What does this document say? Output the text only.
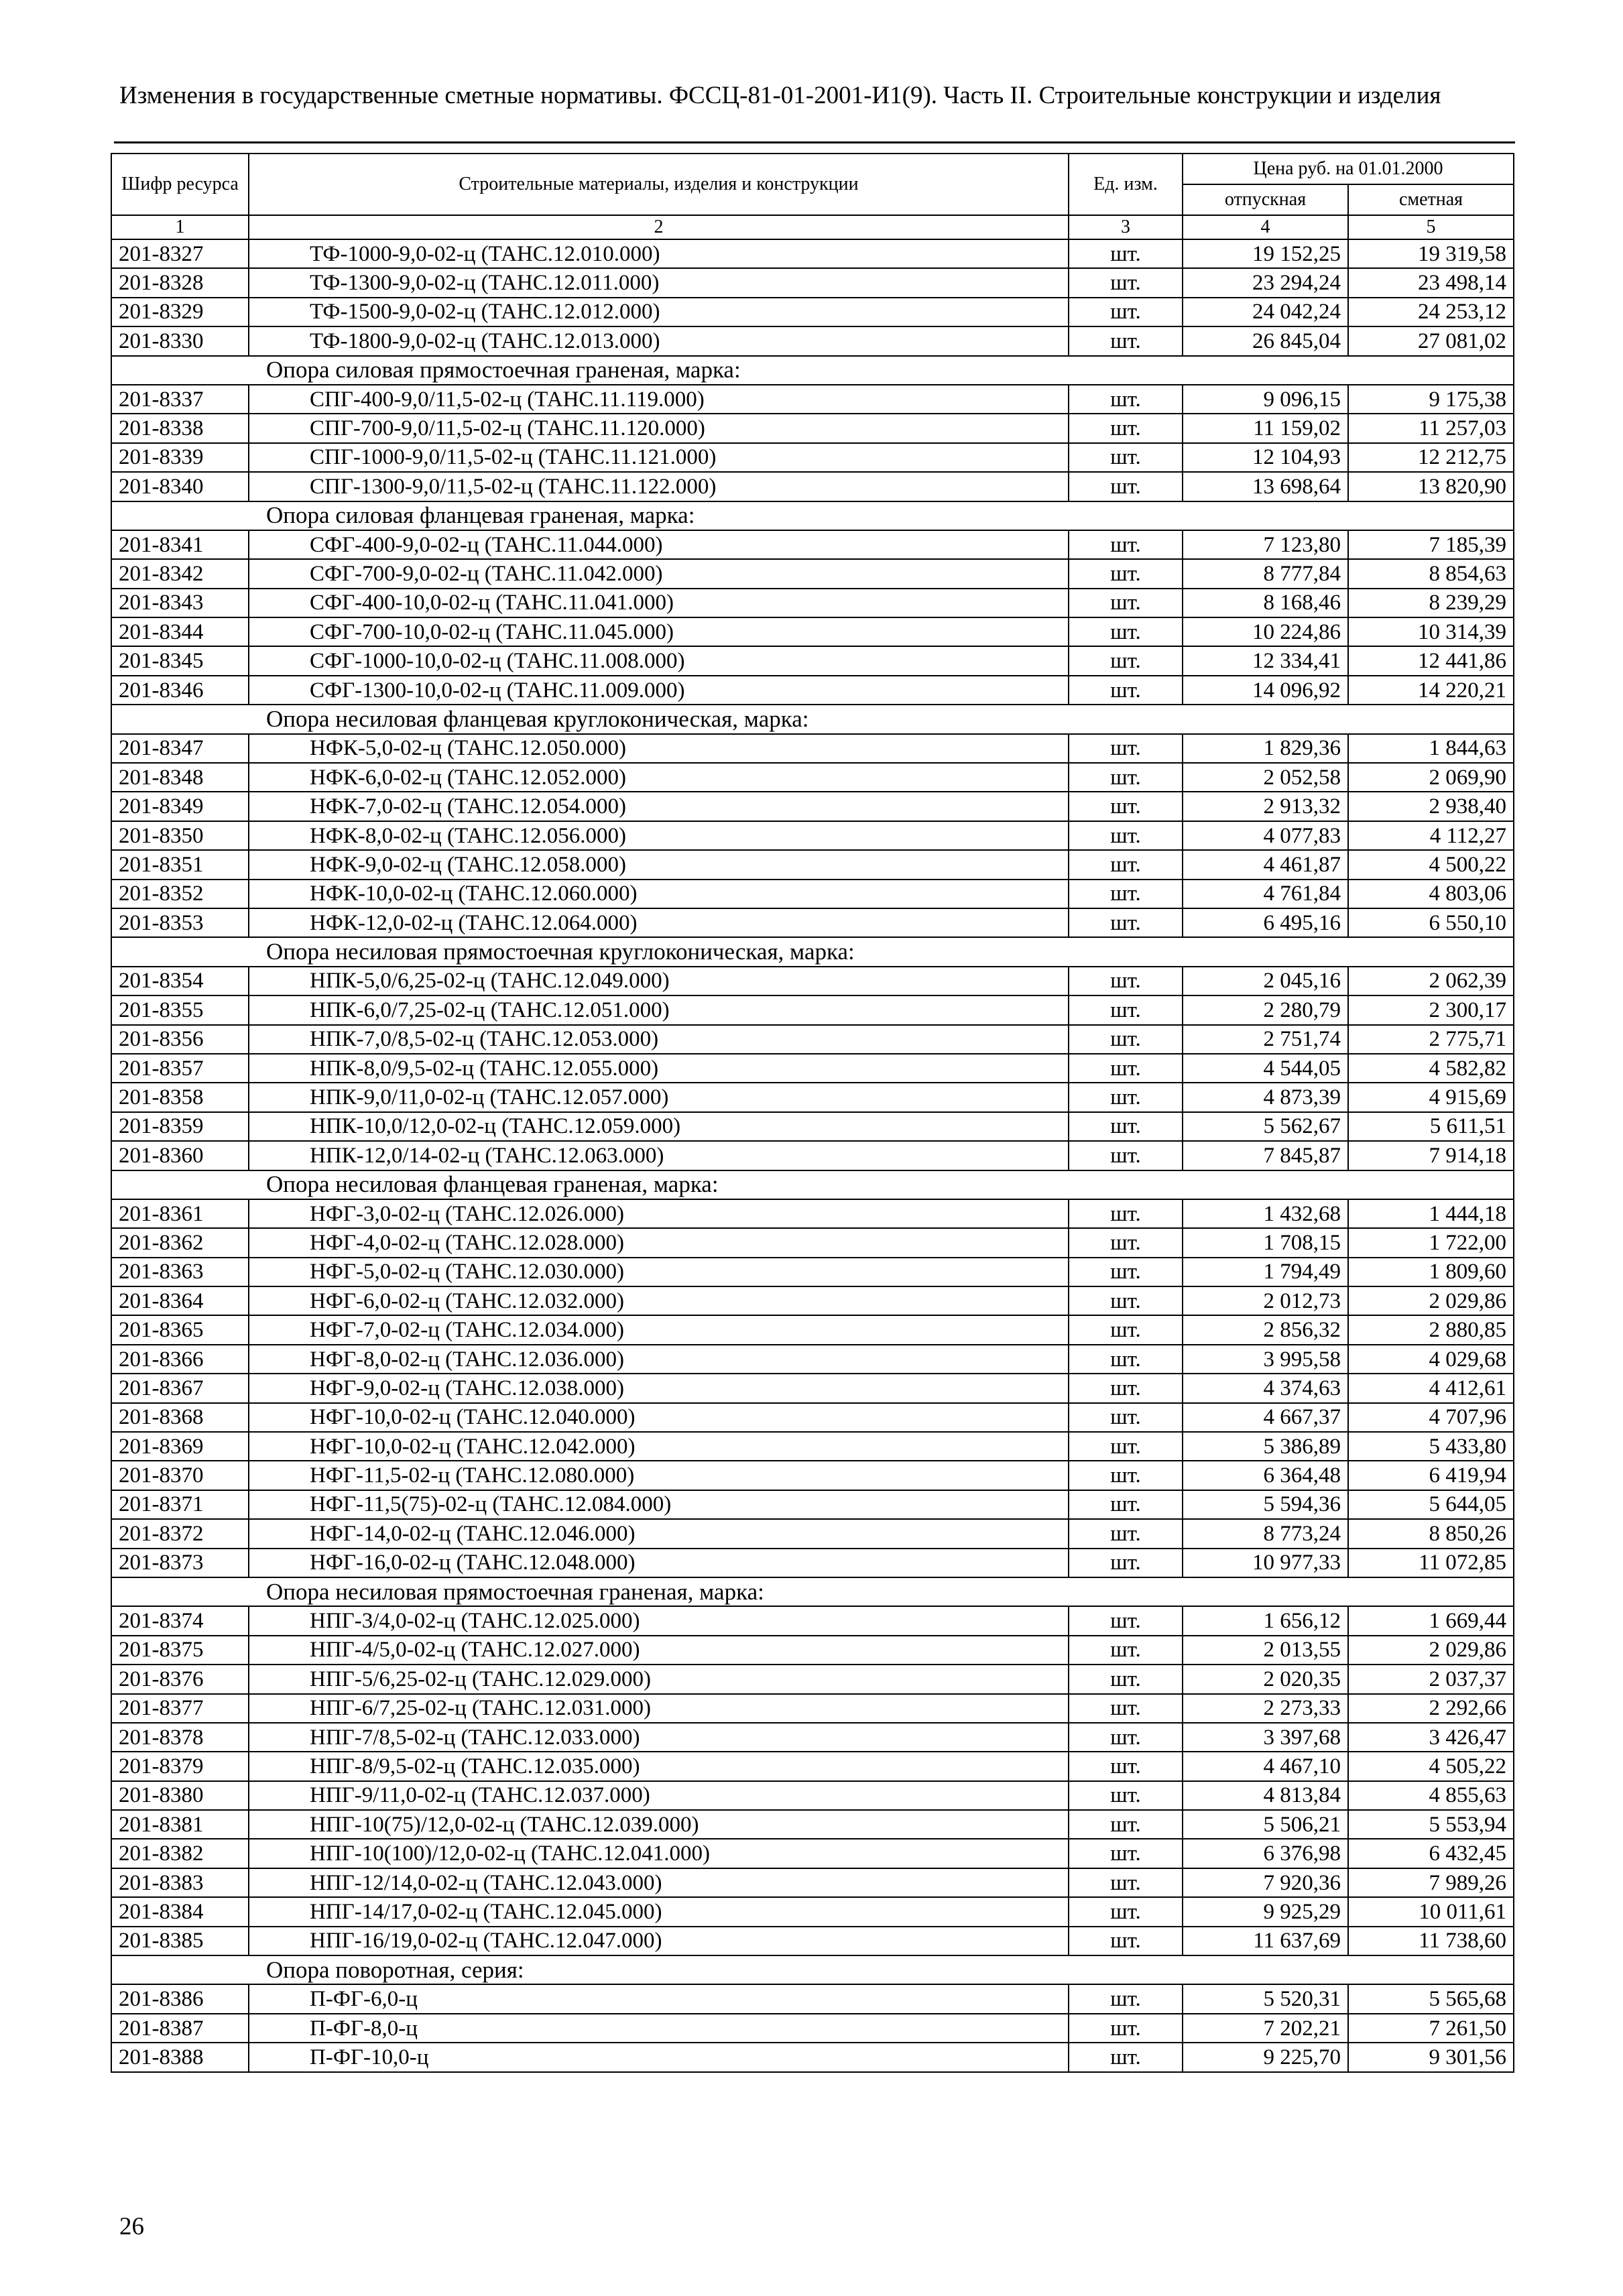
Изменения в государственные сметные нормативы. ФССЦ-81-01-2001-И1(9). Часть II. Строительные конструкции и изделия
Шифр ресурса	Строительные материалы, изделия и конструкции	Ед. изм.	Цена руб. на 01.01.2000	
			отпускная	сметная
1	2	3	4	5
201-8327	ТФ-1000-9,0-02-ц (ТАНС.12.010.000)	шт.	19 152,25	19 319,58
201-8328	ТФ-1300-9,0-02-ц (ТАНС.12.011.000)	шт.	23 294,24	23 498,14
201-8329	ТФ-1500-9,0-02-ц (ТАНС.12.012.000)	шт.	24 042,24	24 253,12
201-8330	ТФ-1800-9,0-02-ц (ТАНС.12.013.000)	шт.	26 845,04	27 081,02
Опора силовая прямостоечная граненая, марка:				
201-8337	СПГ-400-9,0/11,5-02-ц (ТАНС.11.119.000)	шт.	9 096,15	9 175,38
201-8338	СПГ-700-9,0/11,5-02-ц (ТАНС.11.120.000)	шт.	11 159,02	11 257,03
201-8339	СПГ-1000-9,0/11,5-02-ц (ТАНС.11.121.000)	шт.	12 104,93	12 212,75
201-8340	СПГ-1300-9,0/11,5-02-ц (ТАНС.11.122.000)	шт.	13 698,64	13 820,90
Опора силовая фланцевая граненая, марка:				
201-8341	СФГ-400-9,0-02-ц (ТАНС.11.044.000)	шт.	7 123,80	7 185,39
201-8342	СФГ-700-9,0-02-ц (ТАНС.11.042.000)	шт.	8 777,84	8 854,63
201-8343	СФГ-400-10,0-02-ц (ТАНС.11.041.000)	шт.	8 168,46	8 239,29
201-8344	СФГ-700-10,0-02-ц (ТАНС.11.045.000)	шт.	10 224,86	10 314,39
201-8345	СФГ-1000-10,0-02-ц (ТАНС.11.008.000)	шт.	12 334,41	12 441,86
201-8346	СФГ-1300-10,0-02-ц (ТАНС.11.009.000)	шт.	14 096,92	14 220,21
Опора несиловая фланцевая круглоконическая, марка:				
201-8347	НФК-5,0-02-ц (ТАНС.12.050.000)	шт.	1 829,36	1 844,63
201-8348	НФК-6,0-02-ц (ТАНС.12.052.000)	шт.	2 052,58	2 069,90
201-8349	НФК-7,0-02-ц (ТАНС.12.054.000)	шт.	2 913,32	2 938,40
201-8350	НФК-8,0-02-ц (ТАНС.12.056.000)	шт.	4 077,83	4 112,27
201-8351	НФК-9,0-02-ц (ТАНС.12.058.000)	шт.	4 461,87	4 500,22
201-8352	НФК-10,0-02-ц (ТАНС.12.060.000)	шт.	4 761,84	4 803,06
201-8353	НФК-12,0-02-ц (ТАНС.12.064.000)	шт.	6 495,16	6 550,10
Опора несиловая прямостоечная круглоконическая, марка:				
201-8354	НПК-5,0/6,25-02-ц (ТАНС.12.049.000)	шт.	2 045,16	2 062,39
201-8355	НПК-6,0/7,25-02-ц (ТАНС.12.051.000)	шт.	2 280,79	2 300,17
201-8356	НПК-7,0/8,5-02-ц (ТАНС.12.053.000)	шт.	2 751,74	2 775,71
201-8357	НПК-8,0/9,5-02-ц (ТАНС.12.055.000)	шт.	4 544,05	4 582,82
201-8358	НПК-9,0/11,0-02-ц (ТАНС.12.057.000)	шт.	4 873,39	4 915,69
201-8359	НПК-10,0/12,0-02-ц (ТАНС.12.059.000)	шт.	5 562,67	5 611,51
201-8360	НПК-12,0/14-02-ц (ТАНС.12.063.000)	шт.	7 845,87	7 914,18
Опора несиловая фланцевая граненая, марка:				
201-8361	НФГ-3,0-02-ц (ТАНС.12.026.000)	шт.	1 432,68	1 444,18
201-8362	НФГ-4,0-02-ц (ТАНС.12.028.000)	шт.	1 708,15	1 722,00
201-8363	НФГ-5,0-02-ц (ТАНС.12.030.000)	шт.	1 794,49	1 809,60
201-8364	НФГ-6,0-02-ц (ТАНС.12.032.000)	шт.	2 012,73	2 029,86
201-8365	НФГ-7,0-02-ц (ТАНС.12.034.000)	шт.	2 856,32	2 880,85
201-8366	НФГ-8,0-02-ц (ТАНС.12.036.000)	шт.	3 995,58	4 029,68
201-8367	НФГ-9,0-02-ц (ТАНС.12.038.000)	шт.	4 374,63	4 412,61
201-8368	НФГ-10,0-02-ц (ТАНС.12.040.000)	шт.	4 667,37	4 707,96
201-8369	НФГ-10,0-02-ц (ТАНС.12.042.000)	шт.	5 386,89	5 433,80
201-8370	НФГ-11,5-02-ц (ТАНС.12.080.000)	шт.	6 364,48	6 419,94
201-8371	НФГ-11,5(75)-02-ц (ТАНС.12.084.000)	шт.	5 594,36	5 644,05
201-8372	НФГ-14,0-02-ц (ТАНС.12.046.000)	шт.	8 773,24	8 850,26
201-8373	НФГ-16,0-02-ц (ТАНС.12.048.000)	шт.	10 977,33	11 072,85
Опора несиловая прямостоечная граненая, марка:				
201-8374	НПГ-3/4,0-02-ц (ТАНС.12.025.000)	шт.	1 656,12	1 669,44
201-8375	НПГ-4/5,0-02-ц (ТАНС.12.027.000)	шт.	2 013,55	2 029,86
201-8376	НПГ-5/6,25-02-ц (ТАНС.12.029.000)	шт.	2 020,35	2 037,37
201-8377	НПГ-6/7,25-02-ц (ТАНС.12.031.000)	шт.	2 273,33	2 292,66
201-8378	НПГ-7/8,5-02-ц (ТАНС.12.033.000)	шт.	3 397,68	3 426,47
201-8379	НПГ-8/9,5-02-ц (ТАНС.12.035.000)	шт.	4 467,10	4 505,22
201-8380	НПГ-9/11,0-02-ц (ТАНС.12.037.000)	шт.	4 813,84	4 855,63
201-8381	НПГ-10(75)/12,0-02-ц (ТАНС.12.039.000)	шт.	5 506,21	5 553,94
201-8382	НПГ-10(100)/12,0-02-ц (ТАНС.12.041.000)	шт.	6 376,98	6 432,45
201-8383	НПГ-12/14,0-02-ц (ТАНС.12.043.000)	шт.	7 920,36	7 989,26
201-8384	НПГ-14/17,0-02-ц (ТАНС.12.045.000)	шт.	9 925,29	10 011,61
201-8385	НПГ-16/19,0-02-ц (ТАНС.12.047.000)	шт.	11 637,69	11 738,60
Опора поворотная, серия:				
201-8386	П-ФГ-6,0-ц	шт.	5 520,31	5 565,68
201-8387	П-ФГ-8,0-ц	шт.	7 202,21	7 261,50
201-8388	П-ФГ-10,0-ц	шт.	9 225,70	9 301,56
26
